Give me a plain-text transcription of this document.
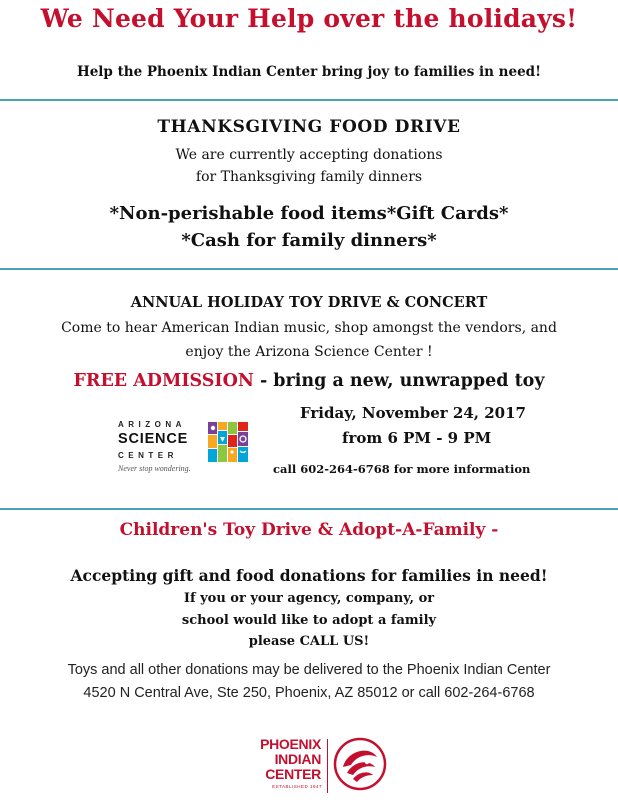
We Need Your Help over the holidays!
Help the Phoenix Indian Center bring joy to families in need!
THANKSGIVING FOOD DRIVE
We are currently accepting donations
for Thanksgiving family dinners
*Non-perishable food items*Gift Cards*
*Cash for family dinners*
ANNUAL HOLIDAY TOY DRIVE & CONCERT
Come to hear American Indian music, shop amongst the vendors, and
enjoy the Arizona Science Center !
FREE ADMISSION - bring a new, unwrapped toy
Friday, November 24, 2017
from 6 PM - 9 PM
call 602-264-6768 for more information
ARIZONA
SCIENCE
CENTER
Never stop wondering.
Children's Toy Drive & Adopt-A-Family -
Accepting gift and food donations for families in need!
If you or your agency, company, or
school would like to adopt a family
please CALL US!
Toys and all other donations may be delivered to the Phoenix Indian Center
4520 N Central Ave, Ste 250, Phoenix, AZ 85012 or call 602-264-6768
PHOENIX
INDIAN
CENTER
ESTABLISHED 1947
